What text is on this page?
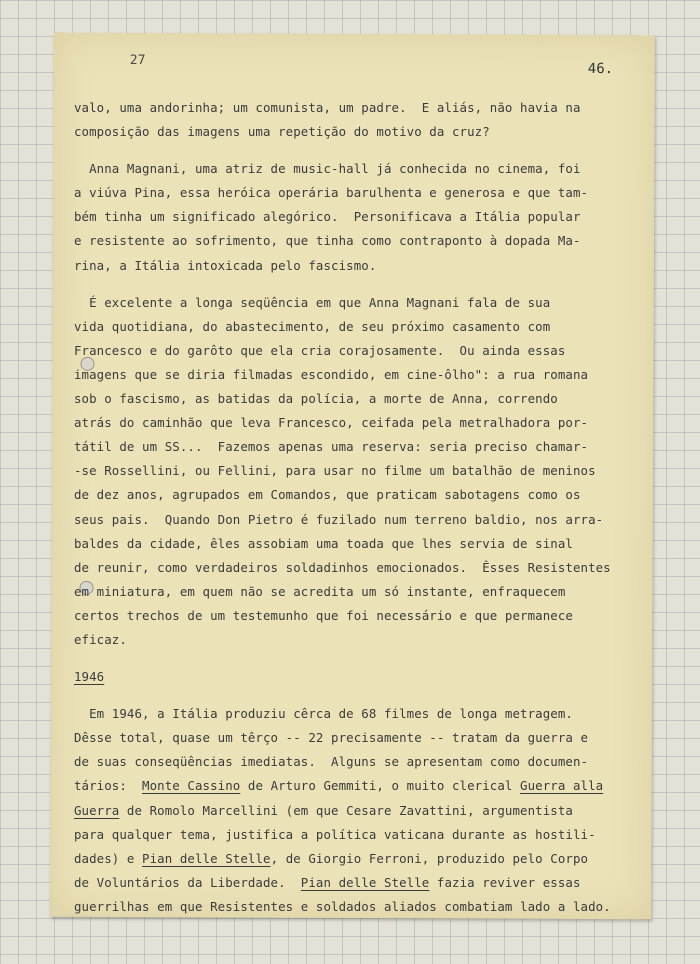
27
46.
valo, uma andorinha; um comunista, um padre.  E aliás, não havia na
composição das imagens uma repetição do motivo da cruz?
Anna Magnani, uma atriz de music-hall já conhecida no cinema, foi
a viúva Pina, essa heróica operária barulhenta e generosa e que tam-
bém tinha um significado alegórico.  Personificava a Itália popular
e resistente ao sofrimento, que tinha como contraponto à dopada Ma-
rina, a Itália intoxicada pelo fascismo.
É excelente a longa seqüência em que Anna Magnani fala de sua
vida quotidiana, do abastecimento, de seu próximo casamento com
Francesco e do garôto que ela cria corajosamente.  Ou ainda essas
imagens que se diria filmadas escondido, em cine-ôlho": a rua romana
sob o fascismo, as batidas da polícia, a morte de Anna, correndo
atrás do caminhão que leva Francesco, ceifada pela metralhadora por-
tátil de um SS...  Fazemos apenas uma reserva: seria preciso chamar-
-se Rossellini, ou Fellini, para usar no filme um batalhão de meninos
de dez anos, agrupados em Comandos, que praticam sabotagens como os
seus pais.  Quando Don Pietro é fuzilado num terreno baldio, nos arra-
baldes da cidade, êles assobiam uma toada que lhes servia de sinal
de reunir, como verdadeiros soldadinhos emocionados.  Êsses Resistentes
em miniatura, em quem não se acredita um só instante, enfraquecem
certos trechos de um testemunho que foi necessário e que permanece
eficaz.
1946
Em 1946, a Itália produziu cêrca de 68 filmes de longa metragem.
Dêsse total, quase um têrço -- 22 precisamente -- tratam da guerra e
de suas conseqüências imediatas.  Alguns se apresentam como documen-
tários:  Monte Cassino de Arturo Gemmiti, o muito clerical Guerra alla
Guerra de Romolo Marcellini (em que Cesare Zavattini, argumentista
para qualquer tema, justifica a política vaticana durante as hostili-
dades) e Pian delle Stelle, de Giorgio Ferroni, produzido pelo Corpo
de Voluntários da Liberdade.  Pian delle Stelle fazia reviver essas
guerrilhas em que Resistentes e soldados aliados combatiam lado a lado.
